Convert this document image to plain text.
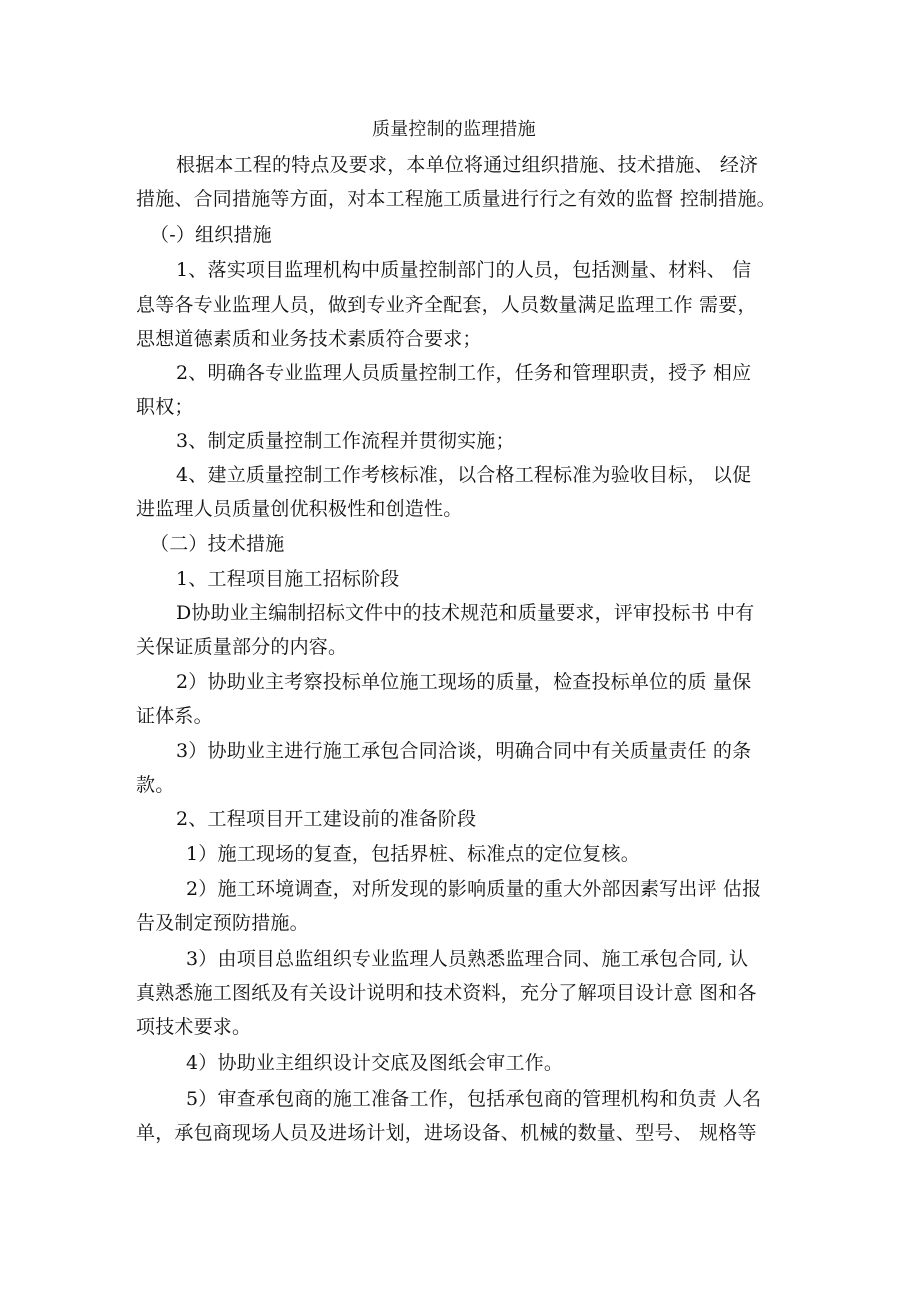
质量控制的监理措施
根据本工程的特点及要求，本单位将通过组织措施、技术措施、 经济
措施、合同措施等方面，对本工程施工质量进行行之有效的监督 控制措施。
（-）组织措施
1、落实项目监理机构中质量控制部门的人员，包括测量、材料、 信
息等各专业监理人员，做到专业齐全配套，人员数量满足监理工作 需要，
思想道德素质和业务技术素质符合要求；
2、明确各专业监理人员质量控制工作，任务和管理职责，授予 相应
职权；
3、制定质量控制工作流程并贯彻实施；
4、建立质量控制工作考核标准，以合格工程标准为验收目标， 以促
进监理人员质量创优积极性和创造性。
（二）技术措施
1、工程项目施工招标阶段
D协助业主编制招标文件中的技术规范和质量要求，评审投标书 中有
关保证质量部分的内容。
2）协助业主考察投标单位施工现场的质量，检查投标单位的质 量保
证体系。
3）协助业主进行施工承包合同洽谈，明确合同中有关质量责任 的条
款。
2、工程项目开工建设前的准备阶段
1）施工现场的复查，包括界桩、标准点的定位复核。
2）施工环境调查，对所发现的影响质量的重大外部因素写出评 估报
告及制定预防措施。
3）由项目总监组织专业监理人员熟悉监理合同、施工承包合同, 认
真熟悉施工图纸及有关设计说明和技术资料，充分了解项目设计意 图和各
项技术要求。
4）协助业主组织设计交底及图纸会审工作。
5）审查承包商的施工准备工作，包括承包商的管理机构和负责 人名
单，承包商现场人员及进场计划，进场设备、机械的数量、型号、 规格等
